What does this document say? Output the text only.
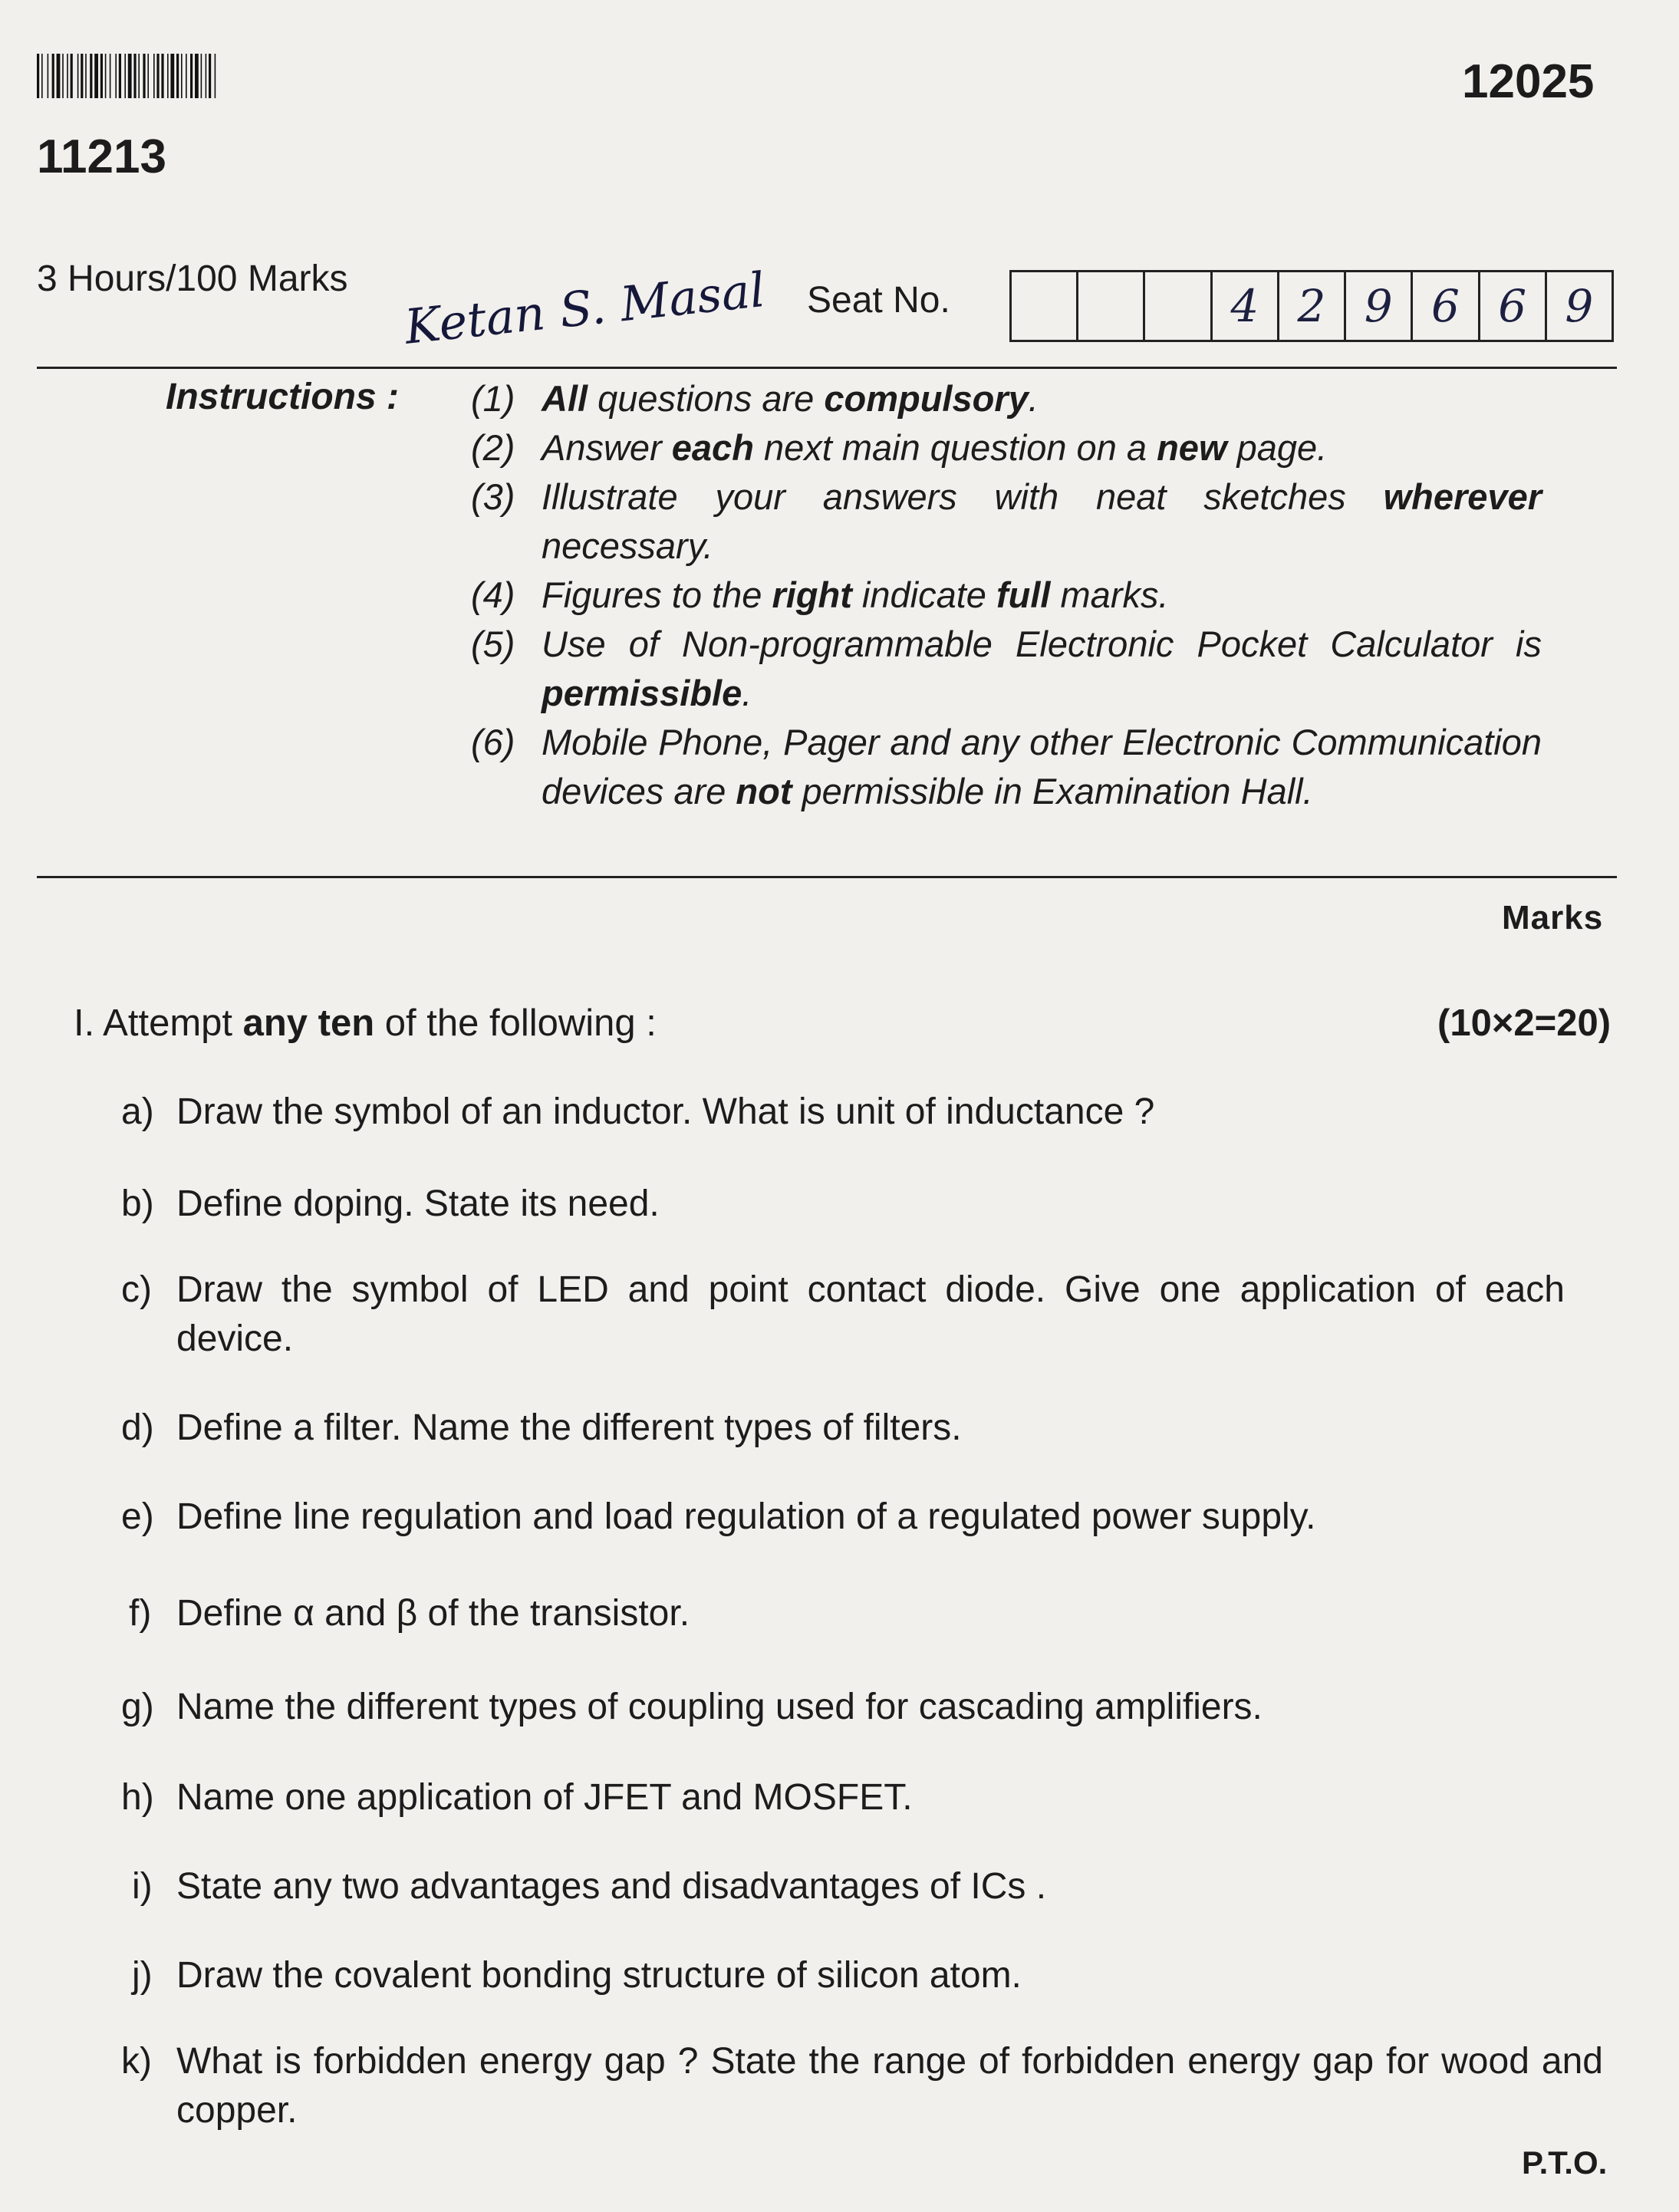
11213
12025
3 Hours/100 Marks Ketan S. Masal Seat No.	4 2 9 6 6 9
Instructions : (1) All questions are compulsory.
(2) Answer each next main question on a new page.
(3) Illustrate your answers with neat sketches wherever necessary.
(4) Figures to the right indicate full marks.
(5) Use of Non-programmable Electronic Pocket Calculator is permissible.
(6) Mobile Phone, Pager and any other Electronic Communication devices are not permissible in Examination Hall.
Marks
I. Attempt any ten of the following :	(10×2=20)
a) Draw the symbol of an inductor. What is unit of inductance ?
b) Define doping. State its need.
c) Draw the symbol of LED and point contact diode. Give one application of each device.
d) Define a filter. Name the different types of filters.
e) Define line regulation and load regulation of a regulated power supply.
f) Define α and β of the transistor.
g) Name the different types of coupling used for cascading amplifiers.
h) Name one application of JFET and MOSFET.
i) State any two advantages and disadvantages of ICs .
j) Draw the covalent bonding structure of silicon atom.
k) What is forbidden energy gap ? State the range of forbidden energy gap for wood and copper.
P.T.O.
